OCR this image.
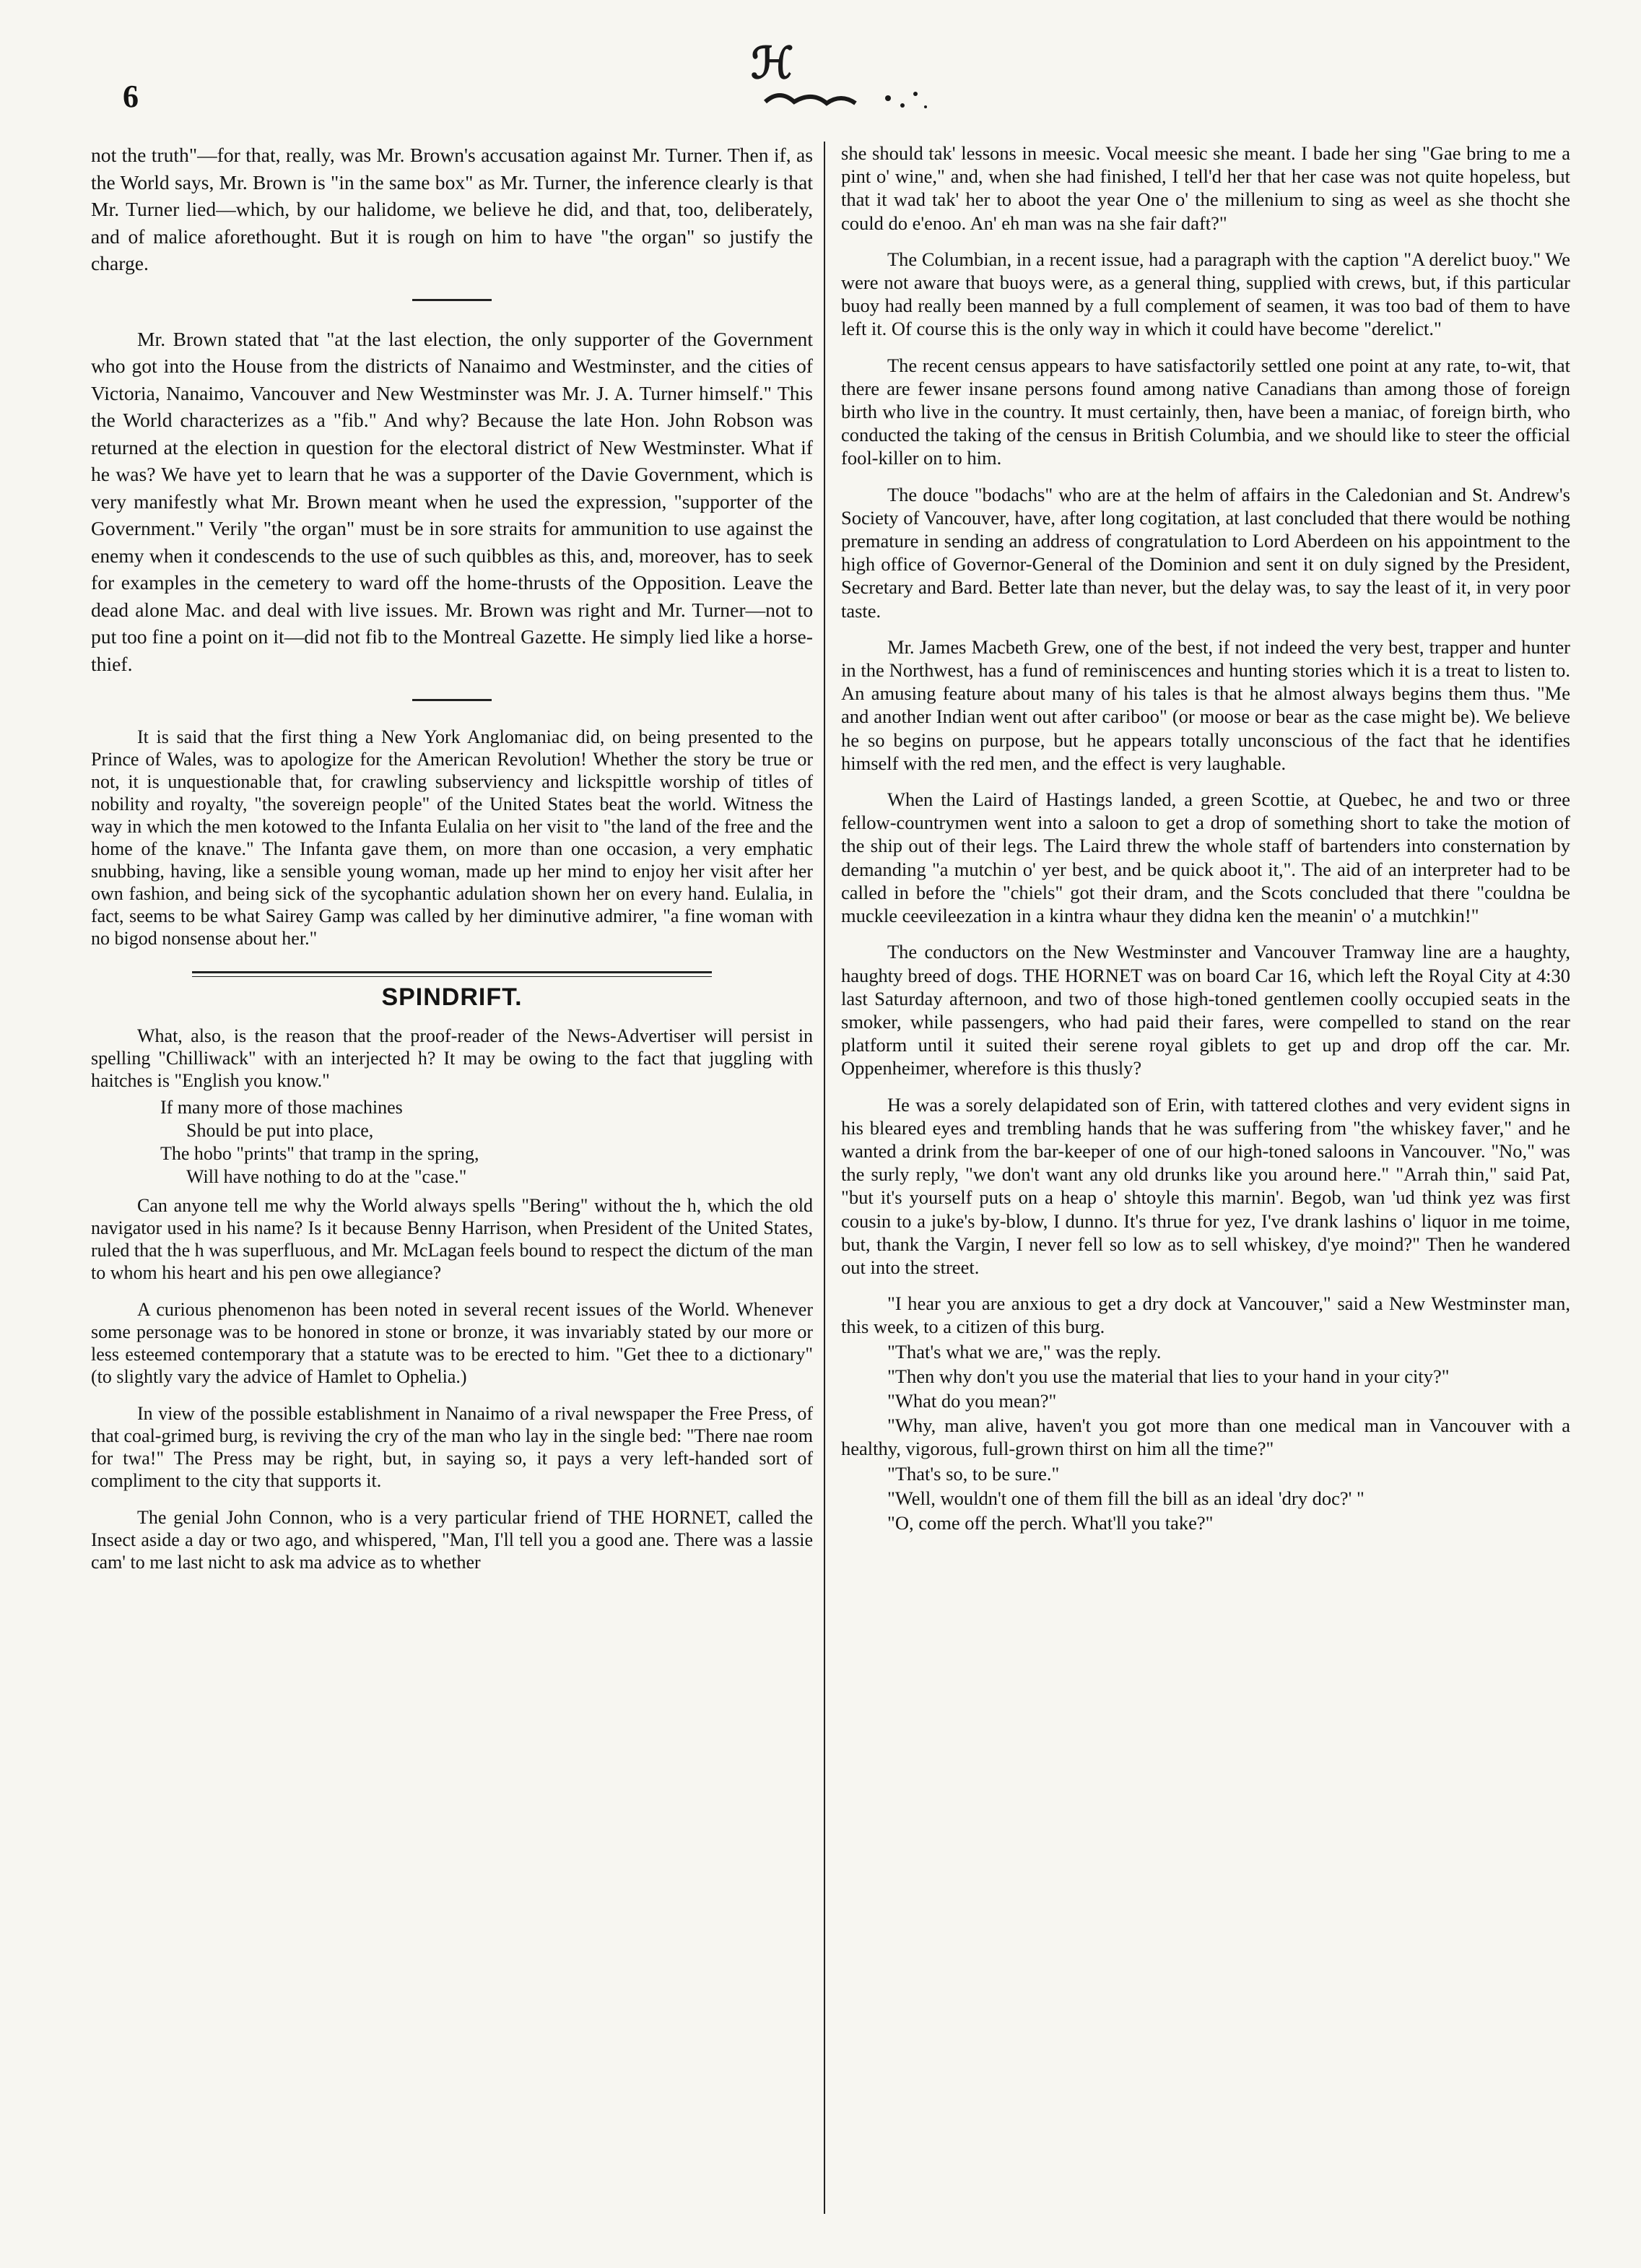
6
ℋ

not the truth"—for that, really, was Mr. Brown's accusation against Mr. Turner. Then if, as the World says, Mr. Brown is "in the same box" as Mr. Turner, the inference clearly is that Mr. Turner lied—which, by our halidome, we believe he did, and that, too, deliberately, and of malice aforethought. But it is rough on him to have "the organ" so justify the charge.

Mr. Brown stated that "at the last election, the only supporter of the Government who got into the House from the districts of Nanaimo and Westminster, and the cities of Victoria, Nanaimo, Vancouver and New Westminster was Mr. J. A. Turner himself." This the World characterizes as a "fib." And why? Because the late Hon. John Robson was returned at the election in question for the electoral district of New Westminster. What if he was? We have yet to learn that he was a supporter of the Davie Government, which is very manifestly what Mr. Brown meant when he used the expression, "supporter of the Government." Verily "the organ" must be in sore straits for ammunition to use against the enemy when it condescends to the use of such quibbles as this, and, moreover, has to seek for examples in the cemetery to ward off the home-thrusts of the Opposition. Leave the dead alone Mac. and deal with live issues. Mr. Brown was right and Mr. Turner—not to put too fine a point on it—did not fib to the Montreal Gazette. He simply lied like a horse-thief.

It is said that the first thing a New York Anglomaniac did, on being presented to the Prince of Wales, was to apologize for the American Revolution! Whether the story be true or not, it is unquestionable that, for crawling subserviency and lickspittle worship of titles of nobility and royalty, "the sovereign people" of the United States beat the world. Witness the way in which the men kotowed to the Infanta Eulalia on her visit to "the land of the free and the home of the knave." The Infanta gave them, on more than one occasion, a very emphatic snubbing, having, like a sensible young woman, made up her mind to enjoy her visit after her own fashion, and being sick of the sycophantic adulation shown her on every hand. Eulalia, in fact, seems to be what Sairey Gamp was called by her diminutive admirer, "a fine woman with no bigod nonsense about her."

SPINDRIFT.

What, also, is the reason that the proof-reader of the News-Advertiser will persist in spelling "Chilliwack" with an interjected h? It may be owing to the fact that juggling with haitches is "English you know."

If many more of those machines
Should be put into place,
The hobo "prints" that tramp in the spring,
Will have nothing to do at the "case."

Can anyone tell me why the World always spells "Bering" without the h, which the old navigator used in his name? Is it because Benny Harrison, when President of the United States, ruled that the h was superfluous, and Mr. McLagan feels bound to respect the dictum of the man to whom his heart and his pen owe allegiance?

A curious phenomenon has been noted in several recent issues of the World. Whenever some personage was to be honored in stone or bronze, it was invariably stated by our more or less esteemed contemporary that a statute was to be erected to him. "Get thee to a dictionary" (to slightly vary the advice of Hamlet to Ophelia.)

In view of the possible establishment in Nanaimo of a rival newspaper the Free Press, of that coal-grimed burg, is reviving the cry of the man who lay in the single bed: "There nae room for twa!" The Press may be right, but, in saying so, it pays a very left-handed sort of compliment to the city that supports it.

The genial John Connon, who is a very particular friend of THE HORNET, called the Insect aside a day or two ago, and whispered, "Man, I'll tell you a good ane. There was a lassie cam' to me last nicht to ask ma advice as to whether

she should tak' lessons in meesic. Vocal meesic she meant. I bade her sing "Gae bring to me a pint o' wine," and, when she had finished, I tell'd her that her case was not quite hopeless, but that it wad tak' her to aboot the year One o' the millenium to sing as weel as she thocht she could do e'enoo. An' eh man was na she fair daft?"

The Columbian, in a recent issue, had a paragraph with the caption "A derelict buoy." We were not aware that buoys were, as a general thing, supplied with crews, but, if this particular buoy had really been manned by a full complement of seamen, it was too bad of them to have left it. Of course this is the only way in which it could have become "derelict."

The recent census appears to have satisfactorily settled one point at any rate, to-wit, that there are fewer insane persons found among native Canadians than among those of foreign birth who live in the country. It must certainly, then, have been a maniac, of foreign birth, who conducted the taking of the census in British Columbia, and we should like to steer the official fool-killer on to him.

The douce "bodachs" who are at the helm of affairs in the Caledonian and St. Andrew's Society of Vancouver, have, after long cogitation, at last concluded that there would be nothing premature in sending an address of congratulation to Lord Aberdeen on his appointment to the high office of Governor-General of the Dominion and sent it on duly signed by the President, Secretary and Bard. Better late than never, but the delay was, to say the least of it, in very poor taste.

Mr. James Macbeth Grew, one of the best, if not indeed the very best, trapper and hunter in the Northwest, has a fund of reminiscences and hunting stories which it is a treat to listen to. An amusing feature about many of his tales is that he almost always begins them thus. "Me and another Indian went out after cariboo" (or moose or bear as the case might be). We believe he so begins on purpose, but he appears totally unconscious of the fact that he identifies himself with the red men, and the effect is very laughable.

When the Laird of Hastings landed, a green Scottie, at Quebec, he and two or three fellow-countrymen went into a saloon to get a drop of something short to take the motion of the ship out of their legs. The Laird threw the whole staff of bartenders into consternation by demanding "a mutchin o' yer best, and be quick aboot it,". The aid of an interpreter had to be called in before the "chiels" got their dram, and the Scots concluded that there "couldna be muckle ceevileezation in a kintra whaur they didna ken the meanin' o' a mutchkin!"

The conductors on the New Westminster and Vancouver Tramway line are a haughty, haughty breed of dogs. THE HORNET was on board Car 16, which left the Royal City at 4:30 last Saturday afternoon, and two of those high-toned gentlemen coolly occupied seats in the smoker, while passengers, who had paid their fares, were compelled to stand on the rear platform until it suited their serene royal giblets to get up and drop off the car. Mr. Oppenheimer, wherefore is this thusly?

He was a sorely delapidated son of Erin, with tattered clothes and very evident signs in his bleared eyes and trembling hands that he was suffering from "the whiskey faver," and he wanted a drink from the bar-keeper of one of our high-toned saloons in Vancouver. "No," was the surly reply, "we don't want any old drunks like you around here." "Arrah thin," said Pat, "but it's yourself puts on a heap o' shtoyle this marnin'. Begob, wan 'ud think yez was first cousin to a juke's by-blow, I dunno. It's thrue for yez, I've drank lashins o' liquor in me toime, but, thank the Vargin, I never fell so low as to sell whiskey, d'ye moind?" Then he wandered out into the street.

"I hear you are anxious to get a dry dock at Vancouver," said a New Westminster man, this week, to a citizen of this burg.

"That's what we are," was the reply.

"Then why don't you use the material that lies to your hand in your city?"

"What do you mean?"

"Why, man alive, haven't you got more than one medical man in Vancouver with a healthy, vigorous, full-grown thirst on him all the time?"

"That's so, to be sure."

"Well, wouldn't one of them fill the bill as an ideal 'dry doc?' "

"O, come off the perch. What'll you take?"
